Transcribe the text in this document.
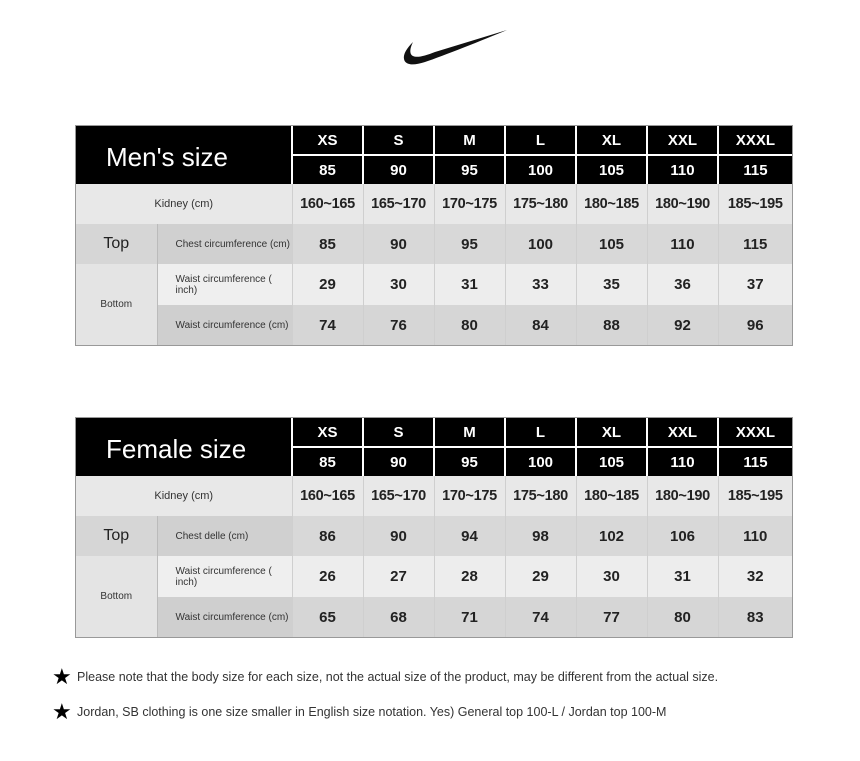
Men's size		XS	S	M	L	XL	XXL	XXXL
		85	90	95	100	105	110	115
Kidney (cm)		160~165	165~170	170~175	175~180	180~185	180~190	185~195
Top	Chest circumference (cm)	85	90	95	100	105	110	115
Bottom	Waist circumference ( inch)	29	30	31	33	35	36	37
	Waist circumference (cm)	74	76	80	84	88	92	96
Female size		XS	S	M	L	XL	XXL	XXXL
		85	90	95	100	105	110	115
Kidney (cm)		160~165	165~170	170~175	175~180	180~185	180~190	185~195
Top	Chest delle (cm)	86	90	94	98	102	106	110
Bottom	Waist circumference ( inch)	26	27	28	29	30	31	32
	Waist circumference (cm)	65	68	71	74	77	80	83
★ Please note that the body size for each size, not the actual size of the product, may be different from the actual size.
★ Jordan, SB clothing is one size smaller in English size notation. Yes) General top 100-L / Jordan top 100-M
